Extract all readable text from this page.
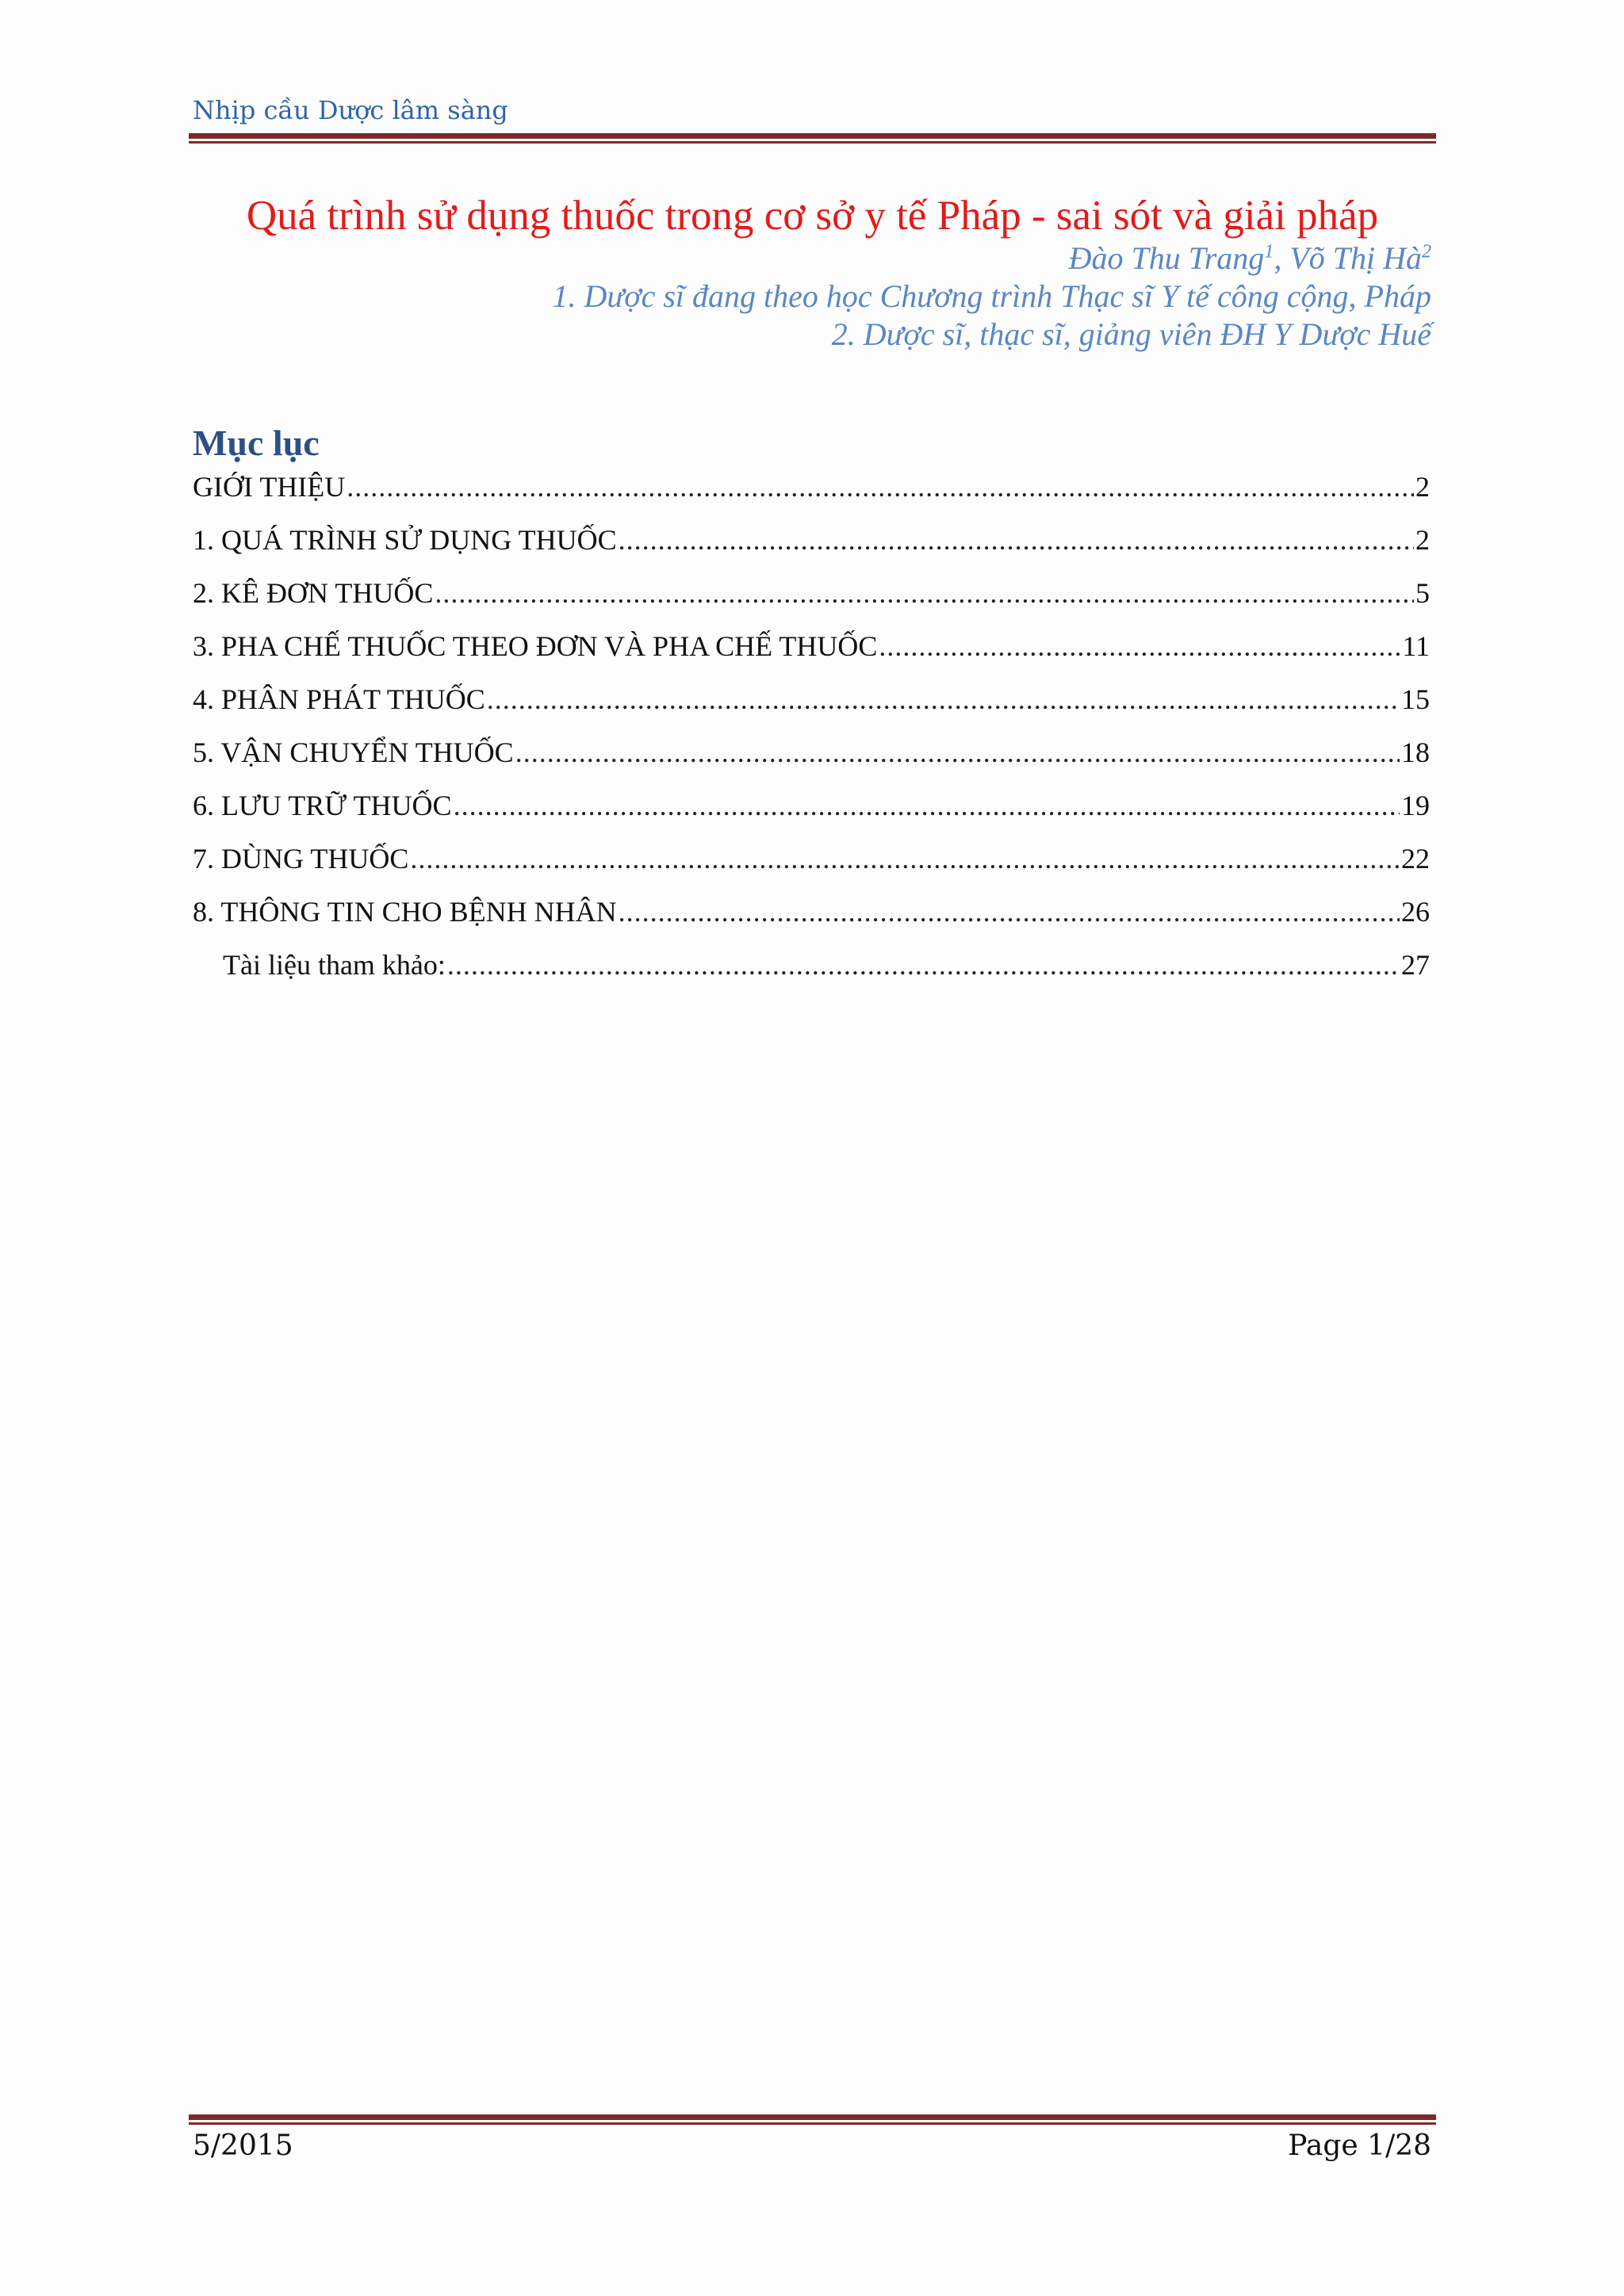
Nhịp cầu Dược lâm sàng
Quá trình sử dụng thuốc trong cơ sở y tế Pháp - sai sót và giải pháp
Đào Thu Trang$^1$, Võ Thị $Hà^2$
1. Dược sĩ đang theo học Chương trình Thạc sĩ Y tế công cộng, Pháp
2. Dược sĩ, thạc sĩ, giảng viên ĐH Y Dược Huế
Mục lục
GIỚI THIỆU .....	2
1. QUÁ TRÌNH SỬ DỤNG THUỐC .....	2
2. KÊ ĐƠN THUỐC .....	5
3. PHA CHẾ THUỐC THEO ĐƠN VÀ PHA CHẾ THUỐC .....	11
4. PHÂN PHÁT THUỐC .....	15
5. VẬN CHUYỂN THUỐC .....	18
6. LƯU TRỮ THUỐC .....	19
7. DÙNG THUỐC .....	22
8. THÔNG TIN CHO BỆNH NHÂN .....	26
Tài liệu tham khảo: .....	27
5/2015	Page 1/28
